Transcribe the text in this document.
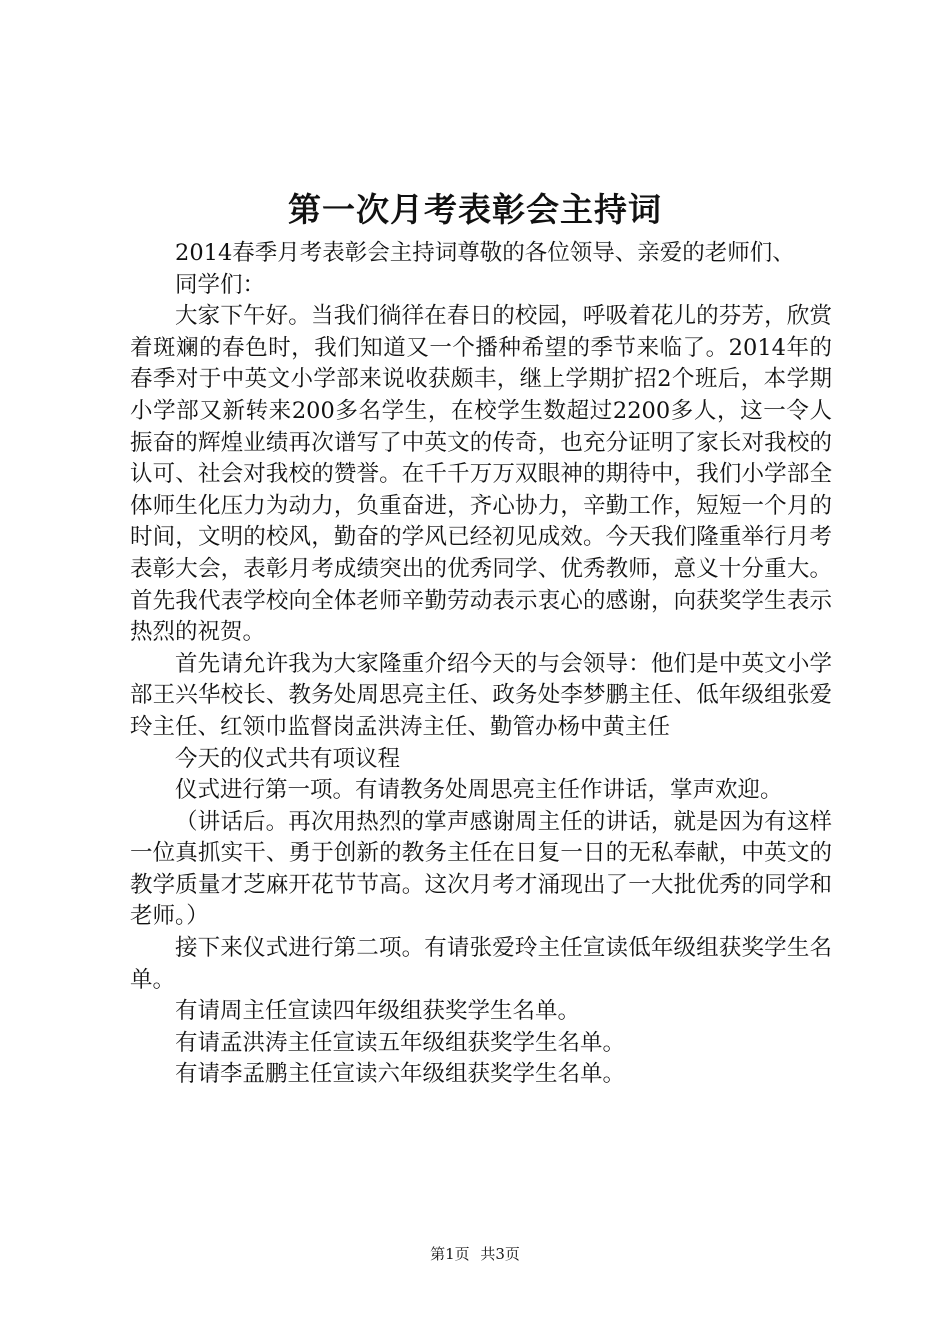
第一次月考表彰会主持词

2014春季月考表彰会主持词尊敬的各位领导、亲爱的老师们、

同学们：

大家下午好。当我们徜徉在春日的校园，呼吸着花儿的芬芳，欣赏着斑斓的春色时，我们知道又一个播种希望的季节来临了。2014年的春季对于中英文小学部来说收获颇丰，继上学期扩招2个班后，本学期小学部又新转来200多名学生，在校学生数超过2200多人，这一令人振奋的辉煌业绩再次谱写了中英文的传奇，也充分证明了家长对我校的认可、社会对我校的赞誉。在千千万万双眼神的期待中，我们小学部全体师生化压力为动力，负重奋进，齐心协力，辛勤工作，短短一个月的时间，文明的校风，勤奋的学风已经初见成效。今天我们隆重举行月考表彰大会，表彰月考成绩突出的优秀同学、优秀教师，意义十分重大。首先我代表学校向全体老师辛勤劳动表示衷心的感谢，向获奖学生表示热烈的祝贺。

首先请允许我为大家隆重介绍今天的与会领导：他们是中英文小学部王兴华校长、教务处周思亮主任、政务处李梦鹏主任、低年级组张爱玲主任、红领巾监督岗孟洪涛主任、勤管办杨中黄主任

今天的仪式共有项议程

仪式进行第一项。有请教务处周思亮主任作讲话，掌声欢迎。

（讲话后。再次用热烈的掌声感谢周主任的讲话，就是因为有这样一位真抓实干、勇于创新的教务主任在日复一日的无私奉献，中英文的教学质量才芝麻开花节节高。这次月考才涌现出了一大批优秀的同学和老师。）

接下来仪式进行第二项。有请张爱玲主任宣读低年级组获奖学生名单。

有请周主任宣读四年级组获奖学生名单。

有请孟洪涛主任宣读五年级组获奖学生名单。

有请李孟鹏主任宣读六年级组获奖学生名单。

第1页 共3页
